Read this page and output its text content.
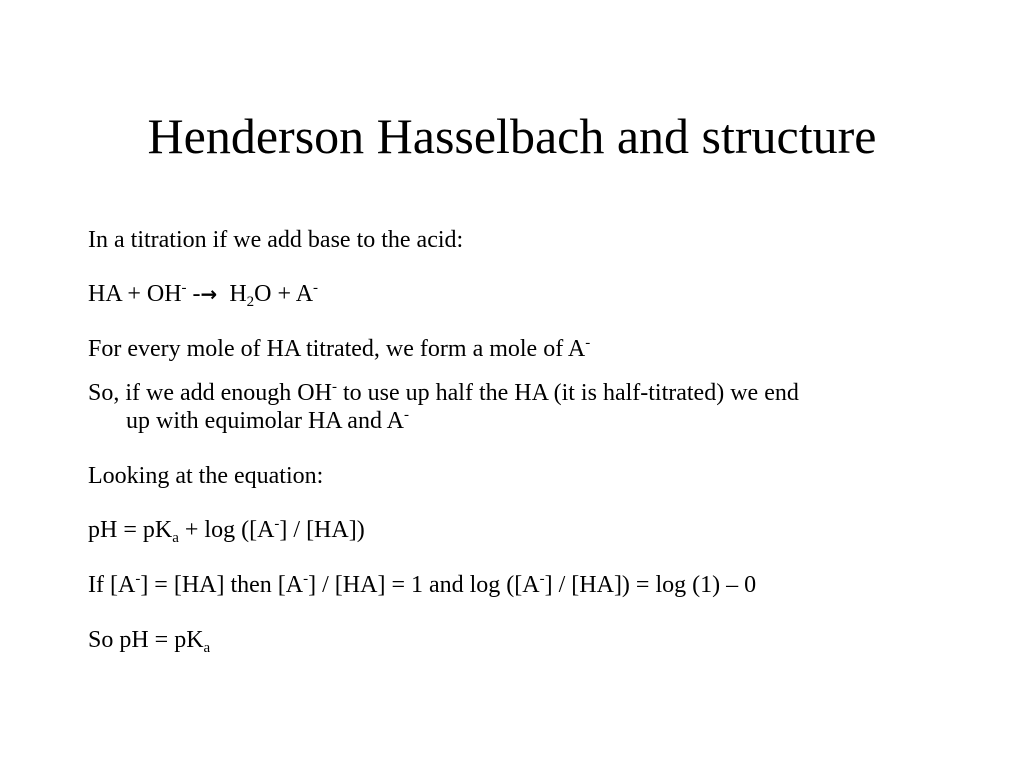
Henderson Hasselbach and structure
In a titration if we add base to the acid:
HA + $OH^- -\to H_2O + A^-$
For every mole of HA titrated, we form a mole of A-
So, if we add enough OH- to use up half the HA (it is half-titrated) we end
up with equimolar HA and A-
Looking at the equation:
pH = $pK_a + \log ([A^-] / [HA])$
If [A-] = [HA] then [A-] / [HA] = 1 and log ([A-] / [HA]) = log (1) – 0
So pH = $pK_a$
